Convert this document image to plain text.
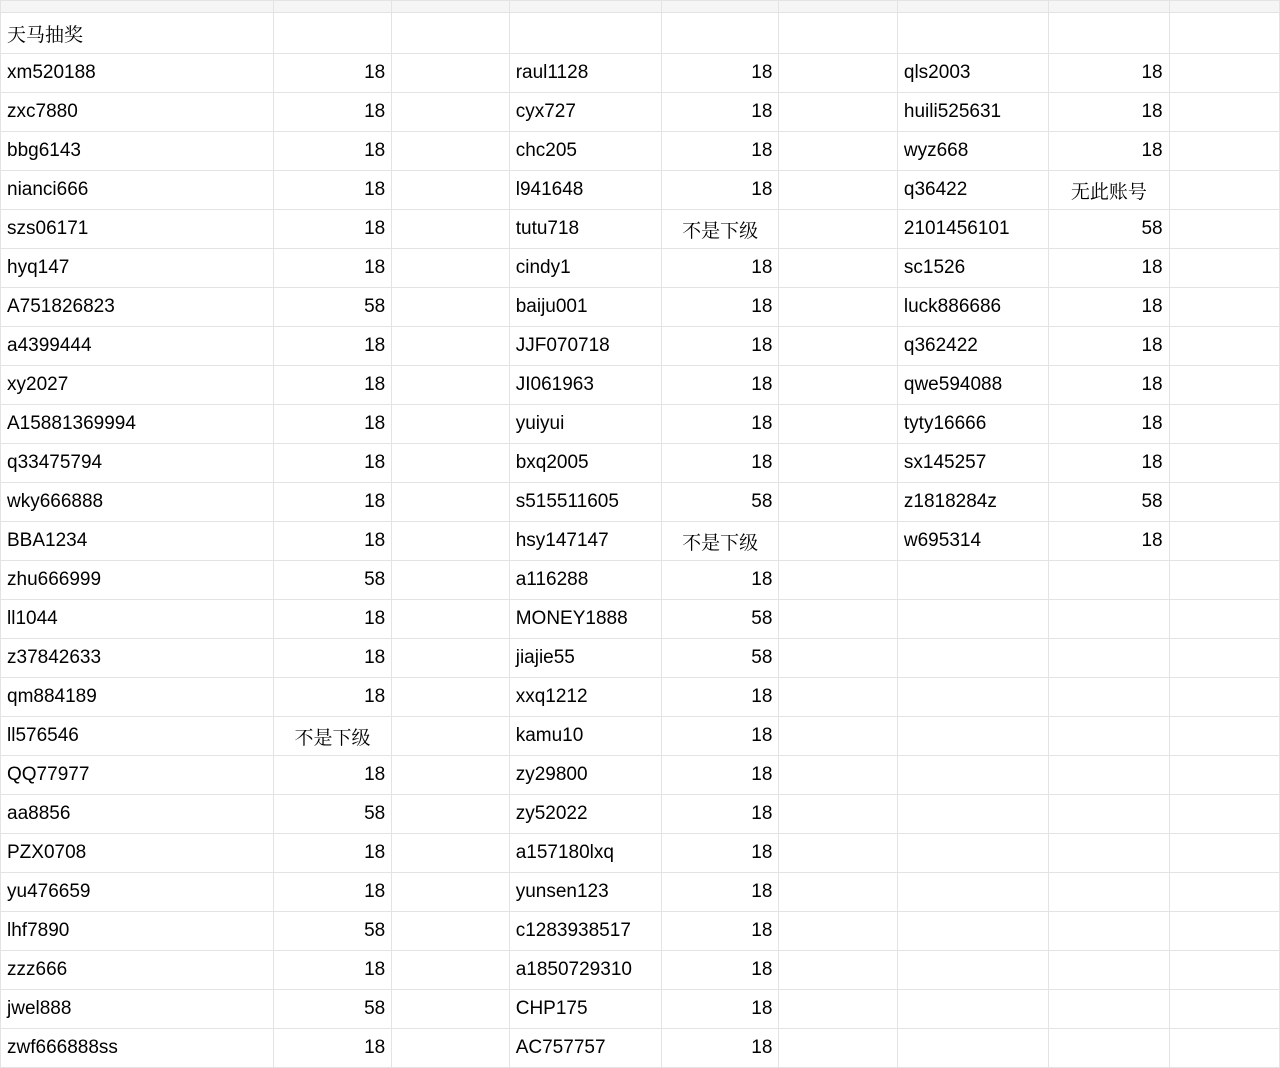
天马抽奖								
xm520188	18		raul1128	18		qls2003	18	
zxc7880	18		cyx727	18		huili525631	18	
bbg6143	18		chc205	18		wyz668	18	
nianci666	18		l941648	18		q36422	无此账号	
szs06171	18		tutu718	不是下级		2101456101	58	
hyq147	18		cindy1	18		sc1526	18	
A751826823	58		baiju001	18		luck886686	18	
a4399444	18		JJF070718	18		q362422	18	
xy2027	18		JI061963	18		qwe594088	18	
A15881369994	18		yuiyui	18		tyty16666	18	
q33475794	18		bxq2005	18		sx145257	18	
wky666888	18		s515511605	58		z1818284z	58	
BBA1234	18		hsy147147	不是下级		w695314	18	
zhu666999	58		a116288	18				
ll1044	18		MONEY1888	58				
z37842633	18		jiajie55	58				
qm884189	18		xxq1212	18				
ll576546	不是下级		kamu10	18				
QQ77977	18		zy29800	18				
aa8856	58		zy52022	18				
PZX0708	18		a157180lxq	18				
yu476659	18		yunsen123	18				
lhf7890	58		c1283938517	18				
zzz666	18		a1850729310	18				
jwel888	58		CHP175	18				
zwf666888ss	18		AC757757	18				
